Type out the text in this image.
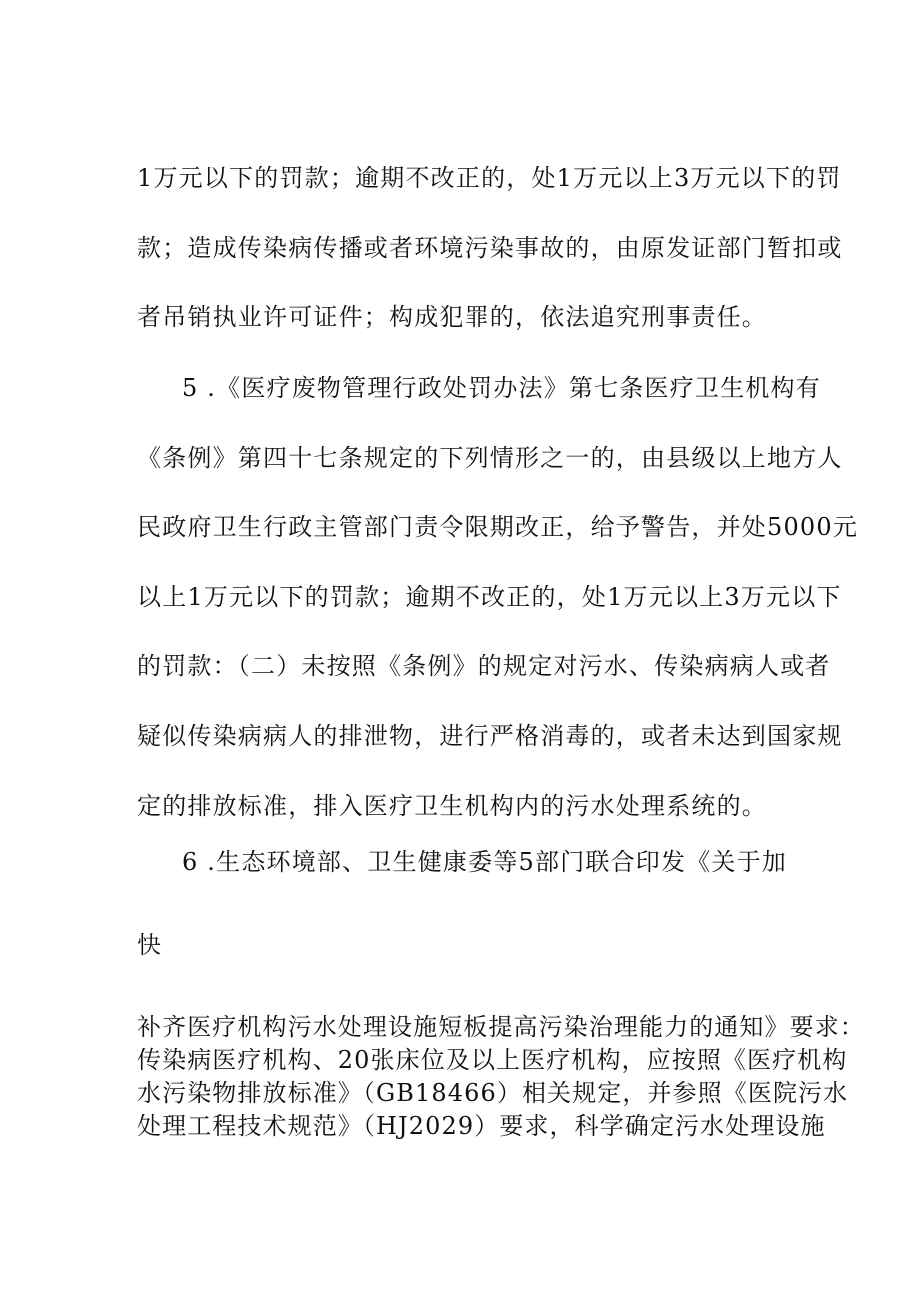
1万元以下的罚款；逾期不改正的，处1万元以上3万元以下的罚
款；造成传染病传播或者环境污染事故的，由原发证部门暂扣或
者吊销执业许可证件；构成犯罪的，依法追究刑事责任。
5 .《医疗废物管理行政处罚办法》第七条医疗卫生机构有
《条例》第四十七条规定的下列情形之一的，由县级以上地方人
民政府卫生行政主管部门责令限期改正，给予警告，并处5000元
以上1万元以下的罚款；逾期不改正的，处1万元以上3万元以下
的罚款：（二）未按照《条例》的规定对污水、传染病病人或者
疑似传染病病人的排泄物，进行严格消毒的，或者未达到国家规
定的排放标准，排入医疗卫生机构内的污水处理系统的。
6 .生态环境部、卫生健康委等5部门联合印发《关于加
快
补齐医疗机构污水处理设施短板提高污染治理能力的通知》要求：
传染病医疗机构、20张床位及以上医疗机构，应按照《医疗机构
水污染物排放标准》（GB18466）相关规定，并参照《医院污水
处理工程技术规范》（HJ2029）要求，科学确定污水处理设施
